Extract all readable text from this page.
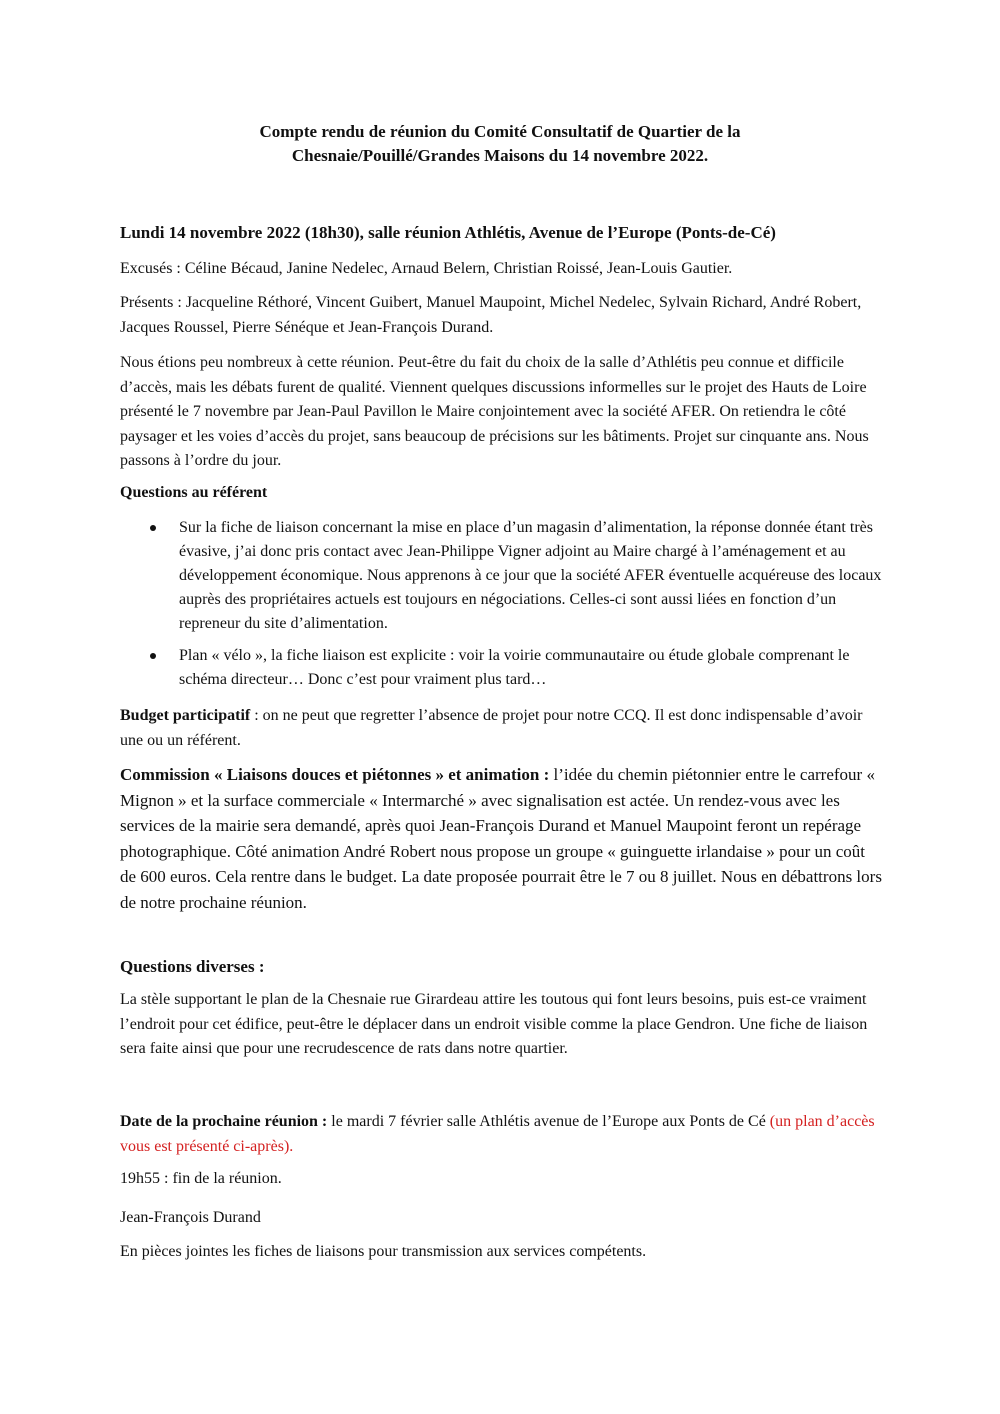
Compte rendu de réunion du Comité Consultatif de Quartier de la
Chesnaie/Pouillé/Grandes Maisons du 14 novembre 2022.

Lundi 14 novembre 2022 (18h30), salle réunion Athlétis, Avenue de l’Europe (Ponts-de-Cé)

Excusés : Céline Bécaud, Janine Nedelec, Arnaud Belern, Christian Roissé, Jean-Louis Gautier.

Présents : Jacqueline Réthoré, Vincent Guibert, Manuel Maupoint, Michel Nedelec, Sylvain Richard, André Robert, Jacques Roussel, Pierre Sénéque et Jean-François Durand.

Nous étions peu nombreux à cette réunion. Peut-être du fait du choix de la salle d’Athlétis peu connue et difficile d’accès, mais les débats furent de qualité. Viennent quelques discussions informelles sur le projet des Hauts de Loire présenté le 7 novembre par Jean-Paul Pavillon le Maire conjointement avec la société AFER. On retiendra le côté paysager et les voies d’accès du projet, sans beaucoup de précisions sur les bâtiments. Projet sur cinquante ans. Nous passons à l’ordre du jour.

Questions au référent

Sur la fiche de liaison concernant la mise en place d’un magasin d’alimentation, la réponse donnée étant très évasive, j’ai donc pris contact avec Jean-Philippe Vigner adjoint au Maire chargé à l’aménagement et au développement économique. Nous apprenons à ce jour que la société AFER éventuelle acquéreuse des locaux auprès des propriétaires actuels est toujours en négociations. Celles-ci sont aussi liées en fonction d’un repreneur du site d’alimentation.
Plan « vélo », la fiche liaison est explicite : voir la voirie communautaire ou étude globale comprenant le schéma directeur… Donc c’est pour vraiment plus tard…

Budget participatif : on ne peut que regretter l’absence de projet pour notre CCQ. Il est donc indispensable d’avoir une ou un référent.

Commission « Liaisons douces et piétonnes » et animation : l’idée du chemin piétonnier entre le carrefour « Mignon » et la surface commerciale « Intermarché » avec signalisation est actée. Un rendez-vous avec les services de la mairie sera demandé, après quoi Jean-François Durand et Manuel Maupoint feront un repérage photographique. Côté animation André Robert nous propose un groupe « guinguette irlandaise » pour un coût de 600 euros. Cela rentre dans le budget. La date proposée pourrait être le 7 ou 8 juillet. Nous en débattrons lors de notre prochaine réunion.

Questions diverses :

La stèle supportant le plan de la Chesnaie rue Girardeau attire les toutous qui font leurs besoins, puis est-ce vraiment l’endroit pour cet édifice, peut-être le déplacer dans un endroit visible comme la place Gendron. Une fiche de liaison sera faite ainsi que pour une recrudescence de rats dans notre quartier.

Date de la prochaine réunion : le mardi 7 février salle Athlétis avenue de l’Europe aux Ponts de Cé (un plan d’accès vous est présenté ci-après).

19h55 : fin de la réunion.

Jean-François Durand

En pièces jointes les fiches de liaisons pour transmission aux services compétents.
